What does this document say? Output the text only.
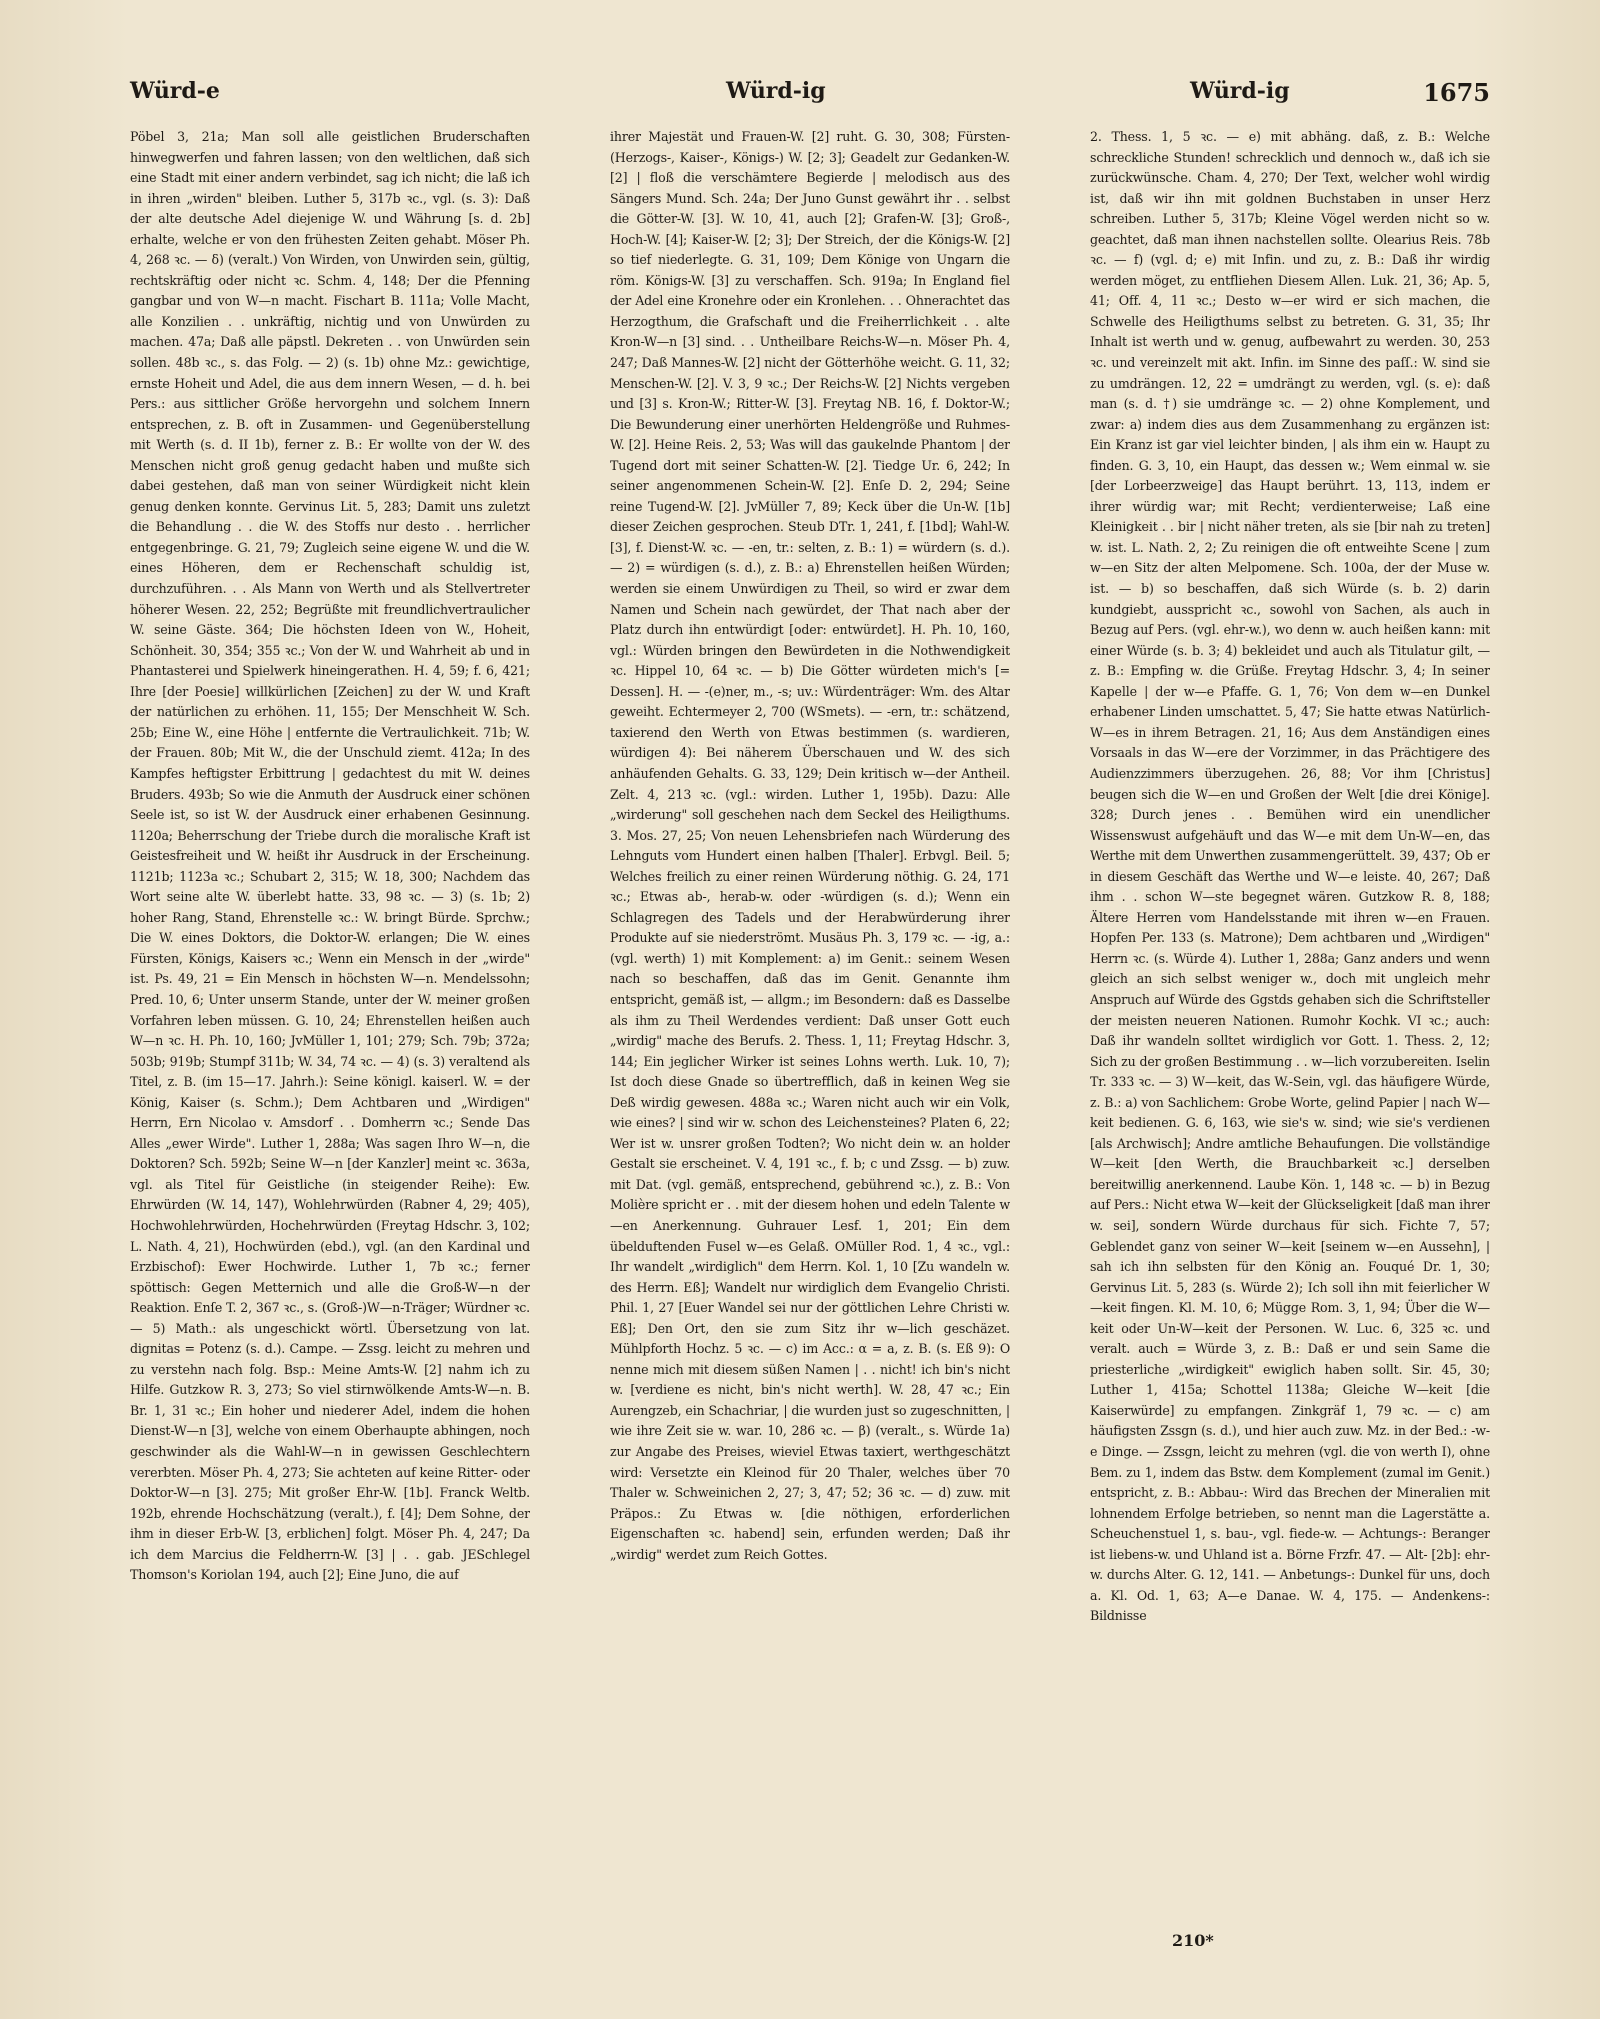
Würd-e	Würd-ig	Würd-ig	1675

Pöbel 3, 21a; Man soll alle geistlichen Bruderschaften hinwegwerfen und fahren lassen; von den weltlichen, daß sich eine Stadt mit einer andern verbindet, sag ich nicht; die laß ich in ihren „wirden" bleiben. Luther 5, 317b ꝛc., vgl. (s. 3): Daß der alte deutsche Adel diejenige W. und Währung [s. d. 2b] erhalte, welche er von den frühesten Zeiten gehabt. Möser Ph. 4, 268 ꝛc. — δ) (veralt.) Von Wirden, von Unwirden sein, gültig, rechtskräftig oder nicht ꝛc. Schm. 4, 148; Der die Pfenning gangbar und von W—n macht. Fischart B. 111a; Volle Macht, alle Konzilien . . unkräftig, nichtig und von Unwürden zu machen. 47a; Daß alle päpstl. Dekreten . . von Unwürden sein sollen. 48b ꝛc., s. das Folg. — 2) (s. 1b) ohne Mz.: gewichtige, ernste Hoheit und Adel, die aus dem innern Wesen, — d. h. bei Pers.: aus sittlicher Größe hervorgehn und solchem Innern entsprechen, z. B. oft in Zusammen- und Gegenüberstellung mit Werth (s. d. II 1b), ferner z. B.: Er wollte von der W. des Menschen nicht groß genug gedacht haben und mußte sich dabei gestehen, daß man von seiner Würdigkeit nicht klein genug denken konnte. Gervinus Lit. 5, 283; Damit uns zuletzt die Behandlung . . die W. des Stoffs nur desto . . herrlicher entgegenbringe. G. 21, 79; Zugleich seine eigene W. und die W. eines Höheren, dem er Rechenschaft schuldig ist, durchzuführen. . . Als Mann von Werth und als Stellvertreter höherer Wesen. 22, 252; Begrüßte mit freundlichvertraulicher W. seine Gäste. 364; Die höchsten Ideen von W., Hoheit, Schönheit. 30, 354; 355 ꝛc.; Von der W. und Wahrheit ab und in Phantasterei und Spielwerk hineingerathen. H. 4, 59; f. 6, 421; Ihre [der Poesie] willkürlichen [Zeichen] zu der W. und Kraft der natürlichen zu erhöhen. 11, 155; Der Menschheit W. Sch. 25b; Eine W., eine Höhe | entfernte die Vertraulichkeit. 71b; W. der Frauen. 80b; Mit W., die der Unschuld ziemt. 412a; In des Kampfes heftigster Erbittrung | gedachtest du mit W. deines Bruders. 493b; So wie die Anmuth der Ausdruck einer schönen Seele ist, so ist W. der Ausdruck einer erhabenen Gesinnung. 1120a; Beherrschung der Triebe durch die moralische Kraft ist Geistesfreiheit und W. heißt ihr Ausdruck in der Erscheinung. 1121b; 1123a ꝛc.; Schubart 2, 315; W. 18, 300; Nachdem das Wort seine alte W. überlebt hatte. 33, 98 ꝛc. — 3) (s. 1b; 2) hoher Rang, Stand, Ehrenstelle ꝛc.: W. bringt Bürde. Sprchw.; Die W. eines Doktors, die Doktor-W. erlangen; Die W. eines Fürsten, Königs, Kaisers ꝛc.; Wenn ein Mensch in der „wirde" ist. Ps. 49, 21 = Ein Mensch in höchsten W—n. Mendelssohn; Pred. 10, 6; Unter unserm Stande, unter der W. meiner großen Vorfahren leben müssen. G. 10, 24; Ehrenstellen heißen auch W—n ꝛc. H. Ph. 10, 160; JvMüller 1, 101; 279; Sch. 79b; 372a; 503b; 919b; Stumpf 311b; W. 34, 74 ꝛc. — 4) (s. 3) veraltend als Titel, z. B. (im 15—17. Jahrh.): Seine königl. kaiserl. W. = der König, Kaiser (s. Schm.); Dem Achtbaren und „Wirdigen" Herrn, Ern Nicolao v. Amsdorf . . Domherrn ꝛc.; Sende Das Alles „ewer Wirde". Luther 1, 288a; Was sagen Ihro W—n, die Doktoren? Sch. 592b; Seine W—n [der Kanzler] meint ꝛc. 363a, vgl. als Titel für Geistliche (in steigender Reihe): Ew. Ehrwürden (W. 14, 147), Wohlehrwürden (Rabner 4, 29; 405), Hochwohlehrwürden, Hochehrwürden (Freytag Hdschr. 3, 102; L. Nath. 4, 21), Hochwürden (ebd.), vgl. (an den Kardinal und Erzbischof): Ewer Hochwirde. Luther 1, 7b ꝛc.; ferner spöttisch: Gegen Metternich und alle die Groß-W—n der Reaktion. Enſe T. 2, 367 ꝛc., s. (Groß-)W—n-Träger; Würdner ꝛc. — 5) Math.: als ungeschickt wörtl. Übersetzung von lat. dignitas = Potenz (s. d.). Campe. — Zssg. leicht zu mehren und zu verstehn nach folg. Bsp.: Meine Amts-W. [2] nahm ich zu Hilfe. Gutzkow R. 3, 273; So viel stirnwölkende Amts-W—n. B. Br. 1, 31 ꝛc.; Ein hoher und niederer Adel, indem die hohen Dienst-W—n [3], welche von einem Oberhaupte abhingen, noch geschwinder als die Wahl-W—n in gewissen Geschlechtern vererbten. Möser Ph. 4, 273; Sie achteten auf keine Ritter- oder Doktor-W—n [3]. 275; Mit großer Ehr-W. [1b]. Franck Weltb. 192b, ehrende Hochschätzung (veralt.), f. [4]; Dem Sohne, der ihm in dieser Erb-W. [3, erblichen] folgt. Möser Ph. 4, 247; Da ich dem Marcius die Feldherrn-W. [3] | . . gab. JESchlegel Thomson's Koriolan 194, auch [2]; Eine Juno, die auf

ihrer Majestät und Frauen-W. [2] ruht. G. 30, 308; Fürsten- (Herzogs-, Kaiser-, Königs-) W. [2; 3]; Geadelt zur Gedanken-W. [2] | floß die verschämtere Begierde | melodisch aus des Sängers Mund. Sch. 24a; Der Juno Gunst gewährt ihr . . selbst die Götter-W. [3]. W. 10, 41, auch [2]; Grafen-W. [3]; Groß-, Hoch-W. [4]; Kaiser-W. [2; 3]; Der Streich, der die Königs-W. [2] so tief niederlegte. G. 31, 109; Dem Könige von Ungarn die röm. Königs-W. [3] zu verschaffen. Sch. 919a; In England fiel der Adel eine Kronehre oder ein Kronlehen. . . Ohnerachtet das Herzogthum, die Grafschaft und die Freiherrlichkeit . . alte Kron-W—n [3] sind. . . Untheilbare Reichs-W—n. Möser Ph. 4, 247; Daß Mannes-W. [2] nicht der Götterhöhe weicht. G. 11, 32; Menschen-W. [2]. V. 3, 9 ꝛc.; Der Reichs-W. [2] Nichts vergeben und [3] s. Kron-W.; Ritter-W. [3]. Freytag NB. 16, f. Doktor-W.; Die Bewunderung einer unerhörten Heldengröße und Ruhmes-W. [2]. Heine Reis. 2, 53; Was will das gaukelnde Phantom | der Tugend dort mit seiner Schatten-W. [2]. Tiedge Ur. 6, 242; In seiner angenommenen Schein-W. [2]. Enſe D. 2, 294; Seine reine Tugend-W. [2]. JvMüller 7, 89; Keck über die Un-W. [1b] dieser Zeichen gesprochen. Steub DTr. 1, 241, f. [1bd]; Wahl-W. [3], f. Dienst-W. ꝛc. — -en, tr.: selten, z. B.: 1) = würdern (s. d.). — 2) = würdigen (s. d.), z. B.: a) Ehrenstellen heißen Würden; werden sie einem Unwürdigen zu Theil, so wird er zwar dem Namen und Schein nach gewürdet, der That nach aber der Platz durch ihn entwürdigt [oder: entwürdet]. H. Ph. 10, 160, vgl.: Würden bringen den Bewürdeten in die Nothwendigkeit ꝛc. Hippel 10, 64 ꝛc. — b) Die Götter würdeten mich's [= Dessen]. H. — -(e)ner, m., -s; uv.: Würdenträger: Wm. des Altar geweiht. Echtermeyer 2, 700 (WSmets). — -ern, tr.: schätzend, taxierend den Werth von Etwas bestimmen (s. wardieren, würdigen 4): Bei näherem Überschauen und W. des sich anhäufenden Gehalts. G. 33, 129; Dein kritisch w—der Antheil. Zelt. 4, 213 ꝛc. (vgl.: wirden. Luther 1, 195b). Dazu: Alle „wirderung" soll geschehen nach dem Seckel des Heiligthums. 3. Mos. 27, 25; Von neuen Lehensbriefen nach Würderung des Lehnguts vom Hundert einen halben [Thaler]. Erbvgl. Beil. 5; Welches freilich zu einer reinen Würderung nöthig. G. 24, 171 ꝛc.; Etwas ab-, herab-w. oder -würdigen (s. d.); Wenn ein Schlagregen des Tadels und der Herabwürderung ihrer Produkte auf sie niederströmt. Musäus Ph. 3, 179 ꝛc. — -ig, a.: (vgl. werth) 1) mit Komplement: a) im Genit.: seinem Wesen nach so beschaffen, daß das im Genit. Genannte ihm entspricht, gemäß ist, — allgm.; im Besondern: daß es Dasselbe als ihm zu Theil Werdendes verdient: Daß unser Gott euch „wirdig" mache des Berufs. 2. Thess. 1, 11; Freytag Hdschr. 3, 144; Ein jeglicher Wirker ist seines Lohns werth. Luk. 10, 7); Ist doch diese Gnade so übertrefflich, daß in keinen Weg sie Deß wirdig gewesen. 488a ꝛc.; Waren nicht auch wir ein Volk, wie eines? | sind wir w. schon des Leichensteines? Platen 6, 22; Wer ist w. unsrer großen Todten?; Wo nicht dein w. an holder Gestalt sie erscheinet. V. 4, 191 ꝛc., f. b; c und Zssg. — b) zuw. mit Dat. (vgl. gemäß, entsprechend, gebührend ꝛc.), z. B.: Von Molière spricht er . . mit der diesem hohen und edeln Talente w—en Anerkennung. Guhrauer Lesf. 1, 201; Ein dem übelduftenden Fusel w—es Gelaß. OMüller Rod. 1, 4 ꝛc., vgl.: Ihr wandelt „wirdiglich" dem Herrn. Kol. 1, 10 [Zu wandeln w. des Herrn. Eß]; Wandelt nur wirdiglich dem Evangelio Christi. Phil. 1, 27 [Euer Wandel sei nur der göttlichen Lehre Christi w. Eß]; Den Ort, den sie zum Sitz ihr w—lich geschäzet. Mühlpforth Hochz. 5 ꝛc. — c) im Acc.: α = a, z. B. (s. Eß 9): O nenne mich mit diesem süßen Namen | . . nicht! ich bin's nicht w. [verdiene es nicht, bin's nicht werth]. W. 28, 47 ꝛc.; Ein Aurengzeb, ein Schachriar, | die wurden just so zugeschnitten, | wie ihre Zeit sie w. war. 10, 286 ꝛc. — β) (veralt., s. Würde 1a) zur Angabe des Preises, wieviel Etwas taxiert, werthgeschätzt wird: Versetzte ein Kleinod für 20 Thaler, welches über 70 Thaler w. Schweinichen 2, 27; 3, 47; 52; 36 ꝛc. — d) zuw. mit Präpos.: Zu Etwas w. [die nöthigen, erforderlichen Eigenschaften ꝛc. habend] sein, erfunden werden; Daß ihr „wirdig" werdet zum Reich Gottes.

2. Thess. 1, 5 ꝛc. — e) mit abhäng. daß, z. B.: Welche schreckliche Stunden! schrecklich und dennoch w., daß ich sie zurückwünsche. Cham. 4, 270; Der Text, welcher wohl wirdig ist, daß wir ihn mit goldnen Buchstaben in unser Herz schreiben. Luther 5, 317b; Kleine Vögel werden nicht so w. geachtet, daß man ihnen nachstellen sollte. Olearius Reis. 78b ꝛc. — f) (vgl. d; e) mit Infin. und zu, z. B.: Daß ihr wirdig werden möget, zu entfliehen Diesem Allen. Luk. 21, 36; Ap. 5, 41; Off. 4, 11 ꝛc.; Desto w—er wird er sich machen, die Schwelle des Heiligthums selbst zu betreten. G. 31, 35; Ihr Inhalt ist werth und w. genug, aufbewahrt zu werden. 30, 253 ꝛc. und vereinzelt mit akt. Infin. im Sinne des paſſ.: W. sind sie zu umdrängen. 12, 22 = umdrängt zu werden, vgl. (s. e): daß man (s. d. †) sie umdränge ꝛc. — 2) ohne Komplement, und zwar: a) indem dies aus dem Zusammenhang zu ergänzen ist: Ein Kranz ist gar viel leichter binden, | als ihm ein w. Haupt zu finden. G. 3, 10, ein Haupt, das dessen w.; Wem einmal w. sie [der Lorbeerzweige] das Haupt berührt. 13, 113, indem er ihrer würdig war; mit Recht; verdienterweise; Laß eine Kleinigkeit . . bir | nicht näher treten, als sie [bir nah zu treten] w. ist. L. Nath. 2, 2; Zu reinigen die oft entweihte Scene | zum w—en Sitz der alten Melpomene. Sch. 100a, der der Muse w. ist. — b) so beschaffen, daß sich Würde (s. b. 2) darin kundgiebt, ausspricht ꝛc., sowohl von Sachen, als auch in Bezug auf Pers. (vgl. ehr-w.), wo denn w. auch heißen kann: mit einer Würde (s. b. 3; 4) bekleidet und auch als Titulatur gilt, — z. B.: Empfing w. die Grüße. Freytag Hdschr. 3, 4; In seiner Kapelle | der w—e Pfaffe. G. 1, 76; Von dem w—en Dunkel erhabener Linden umschattet. 5, 47; Sie hatte etwas Natürlich-W—es in ihrem Betragen. 21, 16; Aus dem Anständigen eines Vorsaals in das W—ere der Vorzimmer, in das Prächtigere des Audienzzimmers überzugehen. 26, 88; Vor ihm [Christus] beugen sich die W—en und Großen der Welt [die drei Könige]. 328; Durch jenes . . Bemühen wird ein unendlicher Wissenswust aufgehäuft und das W—e mit dem Un-W—en, das Werthe mit dem Unwerthen zusammengerüttelt. 39, 437; Ob er in diesem Geschäft das Werthe und W—e leiste. 40, 267; Daß ihm . . schon W—ste begegnet wären. Gutzkow R. 8, 188; Ältere Herren vom Handelsstande mit ihren w—en Frauen. Hopfen Per. 133 (s. Matrone); Dem achtbaren und „Wirdigen" Herrn ꝛc. (s. Würde 4). Luther 1, 288a; Ganz anders und wenn gleich an sich selbst weniger w., doch mit ungleich mehr Anspruch auf Würde des Ggstds gehaben sich die Schriftsteller der meisten neueren Nationen. Rumohr Kochk. VI ꝛc.; auch: Daß ihr wandeln solltet wirdiglich vor Gott. 1. Thess. 2, 12; Sich zu der großen Bestimmung . . w—lich vorzubereiten. Iselin Tr. 333 ꝛc. — 3) W—keit, das W.-Sein, vgl. das häufigere Würde, z. B.: a) von Sachlichem: Grobe Worte, gelind Papier | nach W—keit bedienen. G. 6, 163, wie sie's w. sind; wie sie's verdienen [als Archwisch]; Andre amtliche Behaufungen. Die vollständige W—keit [den Werth, die Brauchbarkeit ꝛc.] derselben bereitwillig anerkennend. Laube Kön. 1, 148 ꝛc. — b) in Bezug auf Pers.: Nicht etwa W—keit der Glückseligkeit [daß man ihrer w. sei], sondern Würde durchaus für sich. Fichte 7, 57; Geblendet ganz von seiner W—keit [seinem w—en Aussehn], | sah ich ihn selbsten für den König an. Fouqué Dr. 1, 30; Gervinus Lit. 5, 283 (s. Würde 2); Ich soll ihn mit feierlicher W—keit fingen. Kl. M. 10, 6; Mügge Rom. 3, 1, 94; Über die W—keit oder Un-W—keit der Personen. W. Luc. 6, 325 ꝛc. und veralt. auch = Würde 3, z. B.: Daß er und sein Same die priesterliche „wirdigkeit" ewiglich haben sollt. Sir. 45, 30; Luther 1, 415a; Schottel 1138a; Gleiche W—keit [die Kaiserwürde] zu empfangen. Zinkgräf 1, 79 ꝛc. — c) am häufigsten Zssgn (s. d.), und hier auch zuw. Mz. in der Bed.: -w-e Dinge. — Zssgn, leicht zu mehren (vgl. die von werth I), ohne Bem. zu 1, indem das Bstw. dem Komplement (zumal im Genit.) entspricht, z. B.: Abbau-: Wird das Brechen der Mineralien mit lohnendem Erfolge betrieben, so nennt man die Lagerstätte a. Scheuchenstuel 1, s. bau-, vgl. fiede-w. — Achtungs-: Beranger ist liebens-w. und Uhland ist a. Börne Frzfr. 47. — Alt- [2b]: ehr-w. durchs Alter. G. 12, 141. — Anbetungs-: Dunkel für uns, doch a. Kl. Od. 1, 63; A—e Danae. W. 4, 175. — Andenkens-: Bildnisse

210*
